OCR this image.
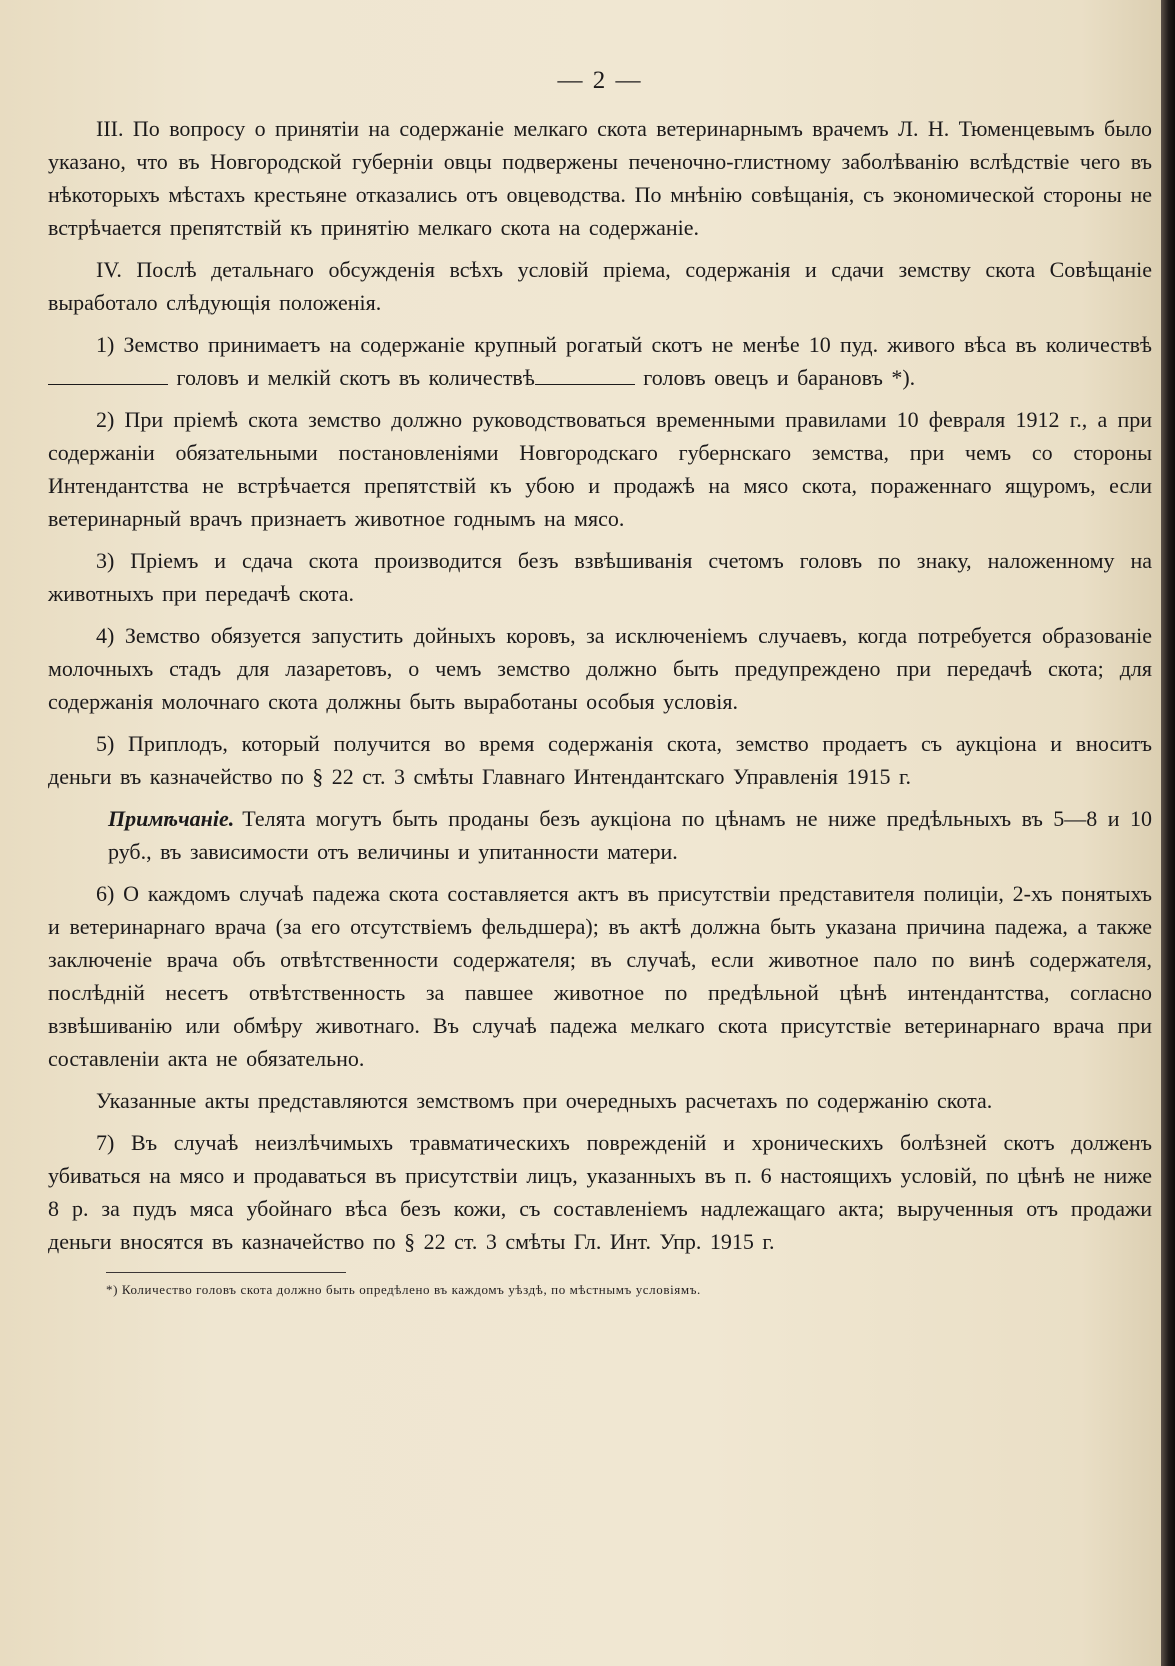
— 2 —

III. По вопросу о принятіи на содержаніе мелкаго скота ветеринарнымъ врачемъ Л. Н. Тюменцевымъ было указано, что въ Новгородской губерніи овцы подвержены печеночно-глистному заболѣванію вслѣдствіе чего въ нѣкоторыхъ мѣстахъ крестьяне отказались отъ овцеводства. По мнѣнію совѣщанія, съ экономической стороны не встрѣчается препятствій къ принятію мелкаго скота на содержаніе.

IV. Послѣ детальнаго обсужденія всѣхъ условій пріема, содержанія и сдачи земству скота Совѣщаніе выработало слѣдующія положенія.

1) Земство принимаетъ на содержаніе крупный рогатый скотъ не менѣе 10 пуд. живого вѣса въ количествѣ головъ и мелкій скотъ въ количествѣ	головъ овецъ и барановъ *).

2) При пріемѣ скота земство должно руководствоваться временными правилами 10 февраля 1912 г., а при содержаніи обязательными постановленіями Новгородскаго губернскаго земства, при чемъ со стороны Интендантства не встрѣчается препятствій къ убою и продажѣ на мясо скота, пораженнаго ящуромъ, если ветеринарный врачъ признаетъ животное годнымъ на мясо.

3) Пріемъ и сдача скота производится безъ взвѣшиванія счетомъ головъ по знаку, наложенному на животныхъ при передачѣ скота.

4) Земство обязуется запустить дойныхъ коровъ, за исключеніемъ случаевъ, когда потребуется образованіе молочныхъ стадъ для лазаретовъ, о чемъ земство должно быть предупреждено при передачѣ скота; для содержанія молочнаго скота должны быть выработаны особыя условія.

5) Приплодъ, который получится во время содержанія скота, земство продаетъ съ аукціона и вноситъ деньги въ казначейство по § 22 ст. 3 смѣты Главнаго Интендантскаго Управленія 1915 г.

Примѣчаніе. Телята могутъ быть проданы безъ аукціона по цѣнамъ не ниже предѣльныхъ въ 5—8 и 10 руб., въ зависимости отъ величины и упитанности матери.

6) О каждомъ случаѣ падежа скота составляется актъ въ присутствіи представителя полиціи, 2-хъ понятыхъ и ветеринарнаго врача (за его отсутствіемъ фельдшера); въ актѣ должна быть указана причина падежа, а также заключеніе врача объ отвѣтственности содержателя; въ случаѣ, если животное пало по винѣ содержателя, послѣдній несетъ отвѣтственность за павшее животное по предѣльной цѣнѣ интендантства, согласно взвѣшиванію или обмѣру животнаго. Въ случаѣ падежа мелкаго скота присутствіе ветеринарнаго врача при составленіи акта не обязательно.

Указанные акты представляются земствомъ при очередныхъ расчетахъ по содержанію скота.

7) Въ случаѣ неизлѣчимыхъ травматическихъ поврежденій и хроническихъ болѣзней скотъ долженъ убиваться на мясо и продаваться въ присутствіи лицъ, указанныхъ въ п. 6 настоящихъ условій, по цѣнѣ не ниже 8 р. за пудъ мяса убойнаго вѣса безъ кожи, съ составленіемъ надлежащаго акта; вырученныя отъ продажи деньги вносятся въ казначейство по § 22 ст. 3 смѣты Гл. Инт. Упр. 1915 г.

*) Количество головъ скота должно быть опредѣлено въ каждомъ уѣздѣ, по мѣстнымъ условіямъ.
